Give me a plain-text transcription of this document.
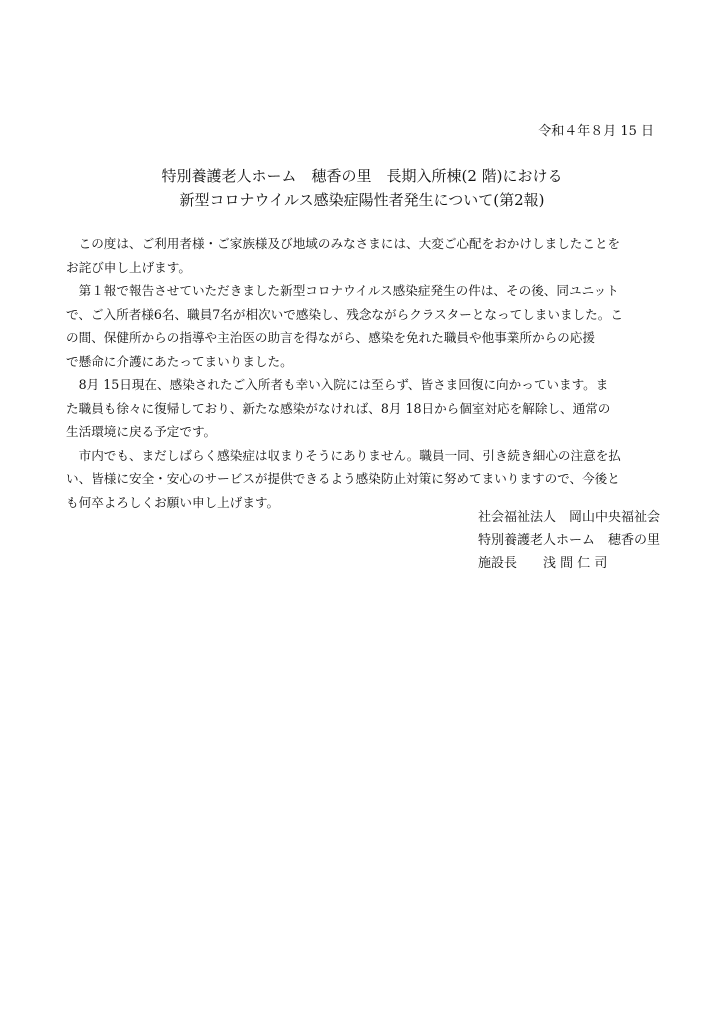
令和４年８月 15 日
特別養護老人ホーム　穂香の里　長期入所棟(2 階)における
新型コロナウイルス感染症陽性者発生について(第2報)
　この度は、ご利用者様・ご家族様及び地域のみなさまには、大変ご心配をおかけしましたことを
お詫び申し上げます。
　第１報で報告させていただきました新型コロナウイルス感染症発生の件は、その後、同ユニット
で、ご入所者様6名、職員7名が相次いで感染し、残念ながらクラスターとなってしまいました。こ
の間、保健所からの指導や主治医の助言を得ながら、感染を免れた職員や他事業所からの応援
で懸命に介護にあたってまいりました。
　8月 15日現在、感染されたご入所者も幸い入院には至らず、皆さま回復に向かっています。ま
た職員も徐々に復帰しており、新たな感染がなければ、8月 18日から個室対応を解除し、通常の
生活環境に戻る予定です。
　市内でも、まだしばらく感染症は収まりそうにありません。職員一同、引き続き細心の注意を払
い、皆様に安全・安心のサービスが提供できるよう感染防止対策に努めてまいりますので、今後と
も何卒よろしくお願い申し上げます。
社会福祉法人　岡山中央福祉会
特別養護老人ホーム　穂香の里
施設長　　浅 間 仁 司
